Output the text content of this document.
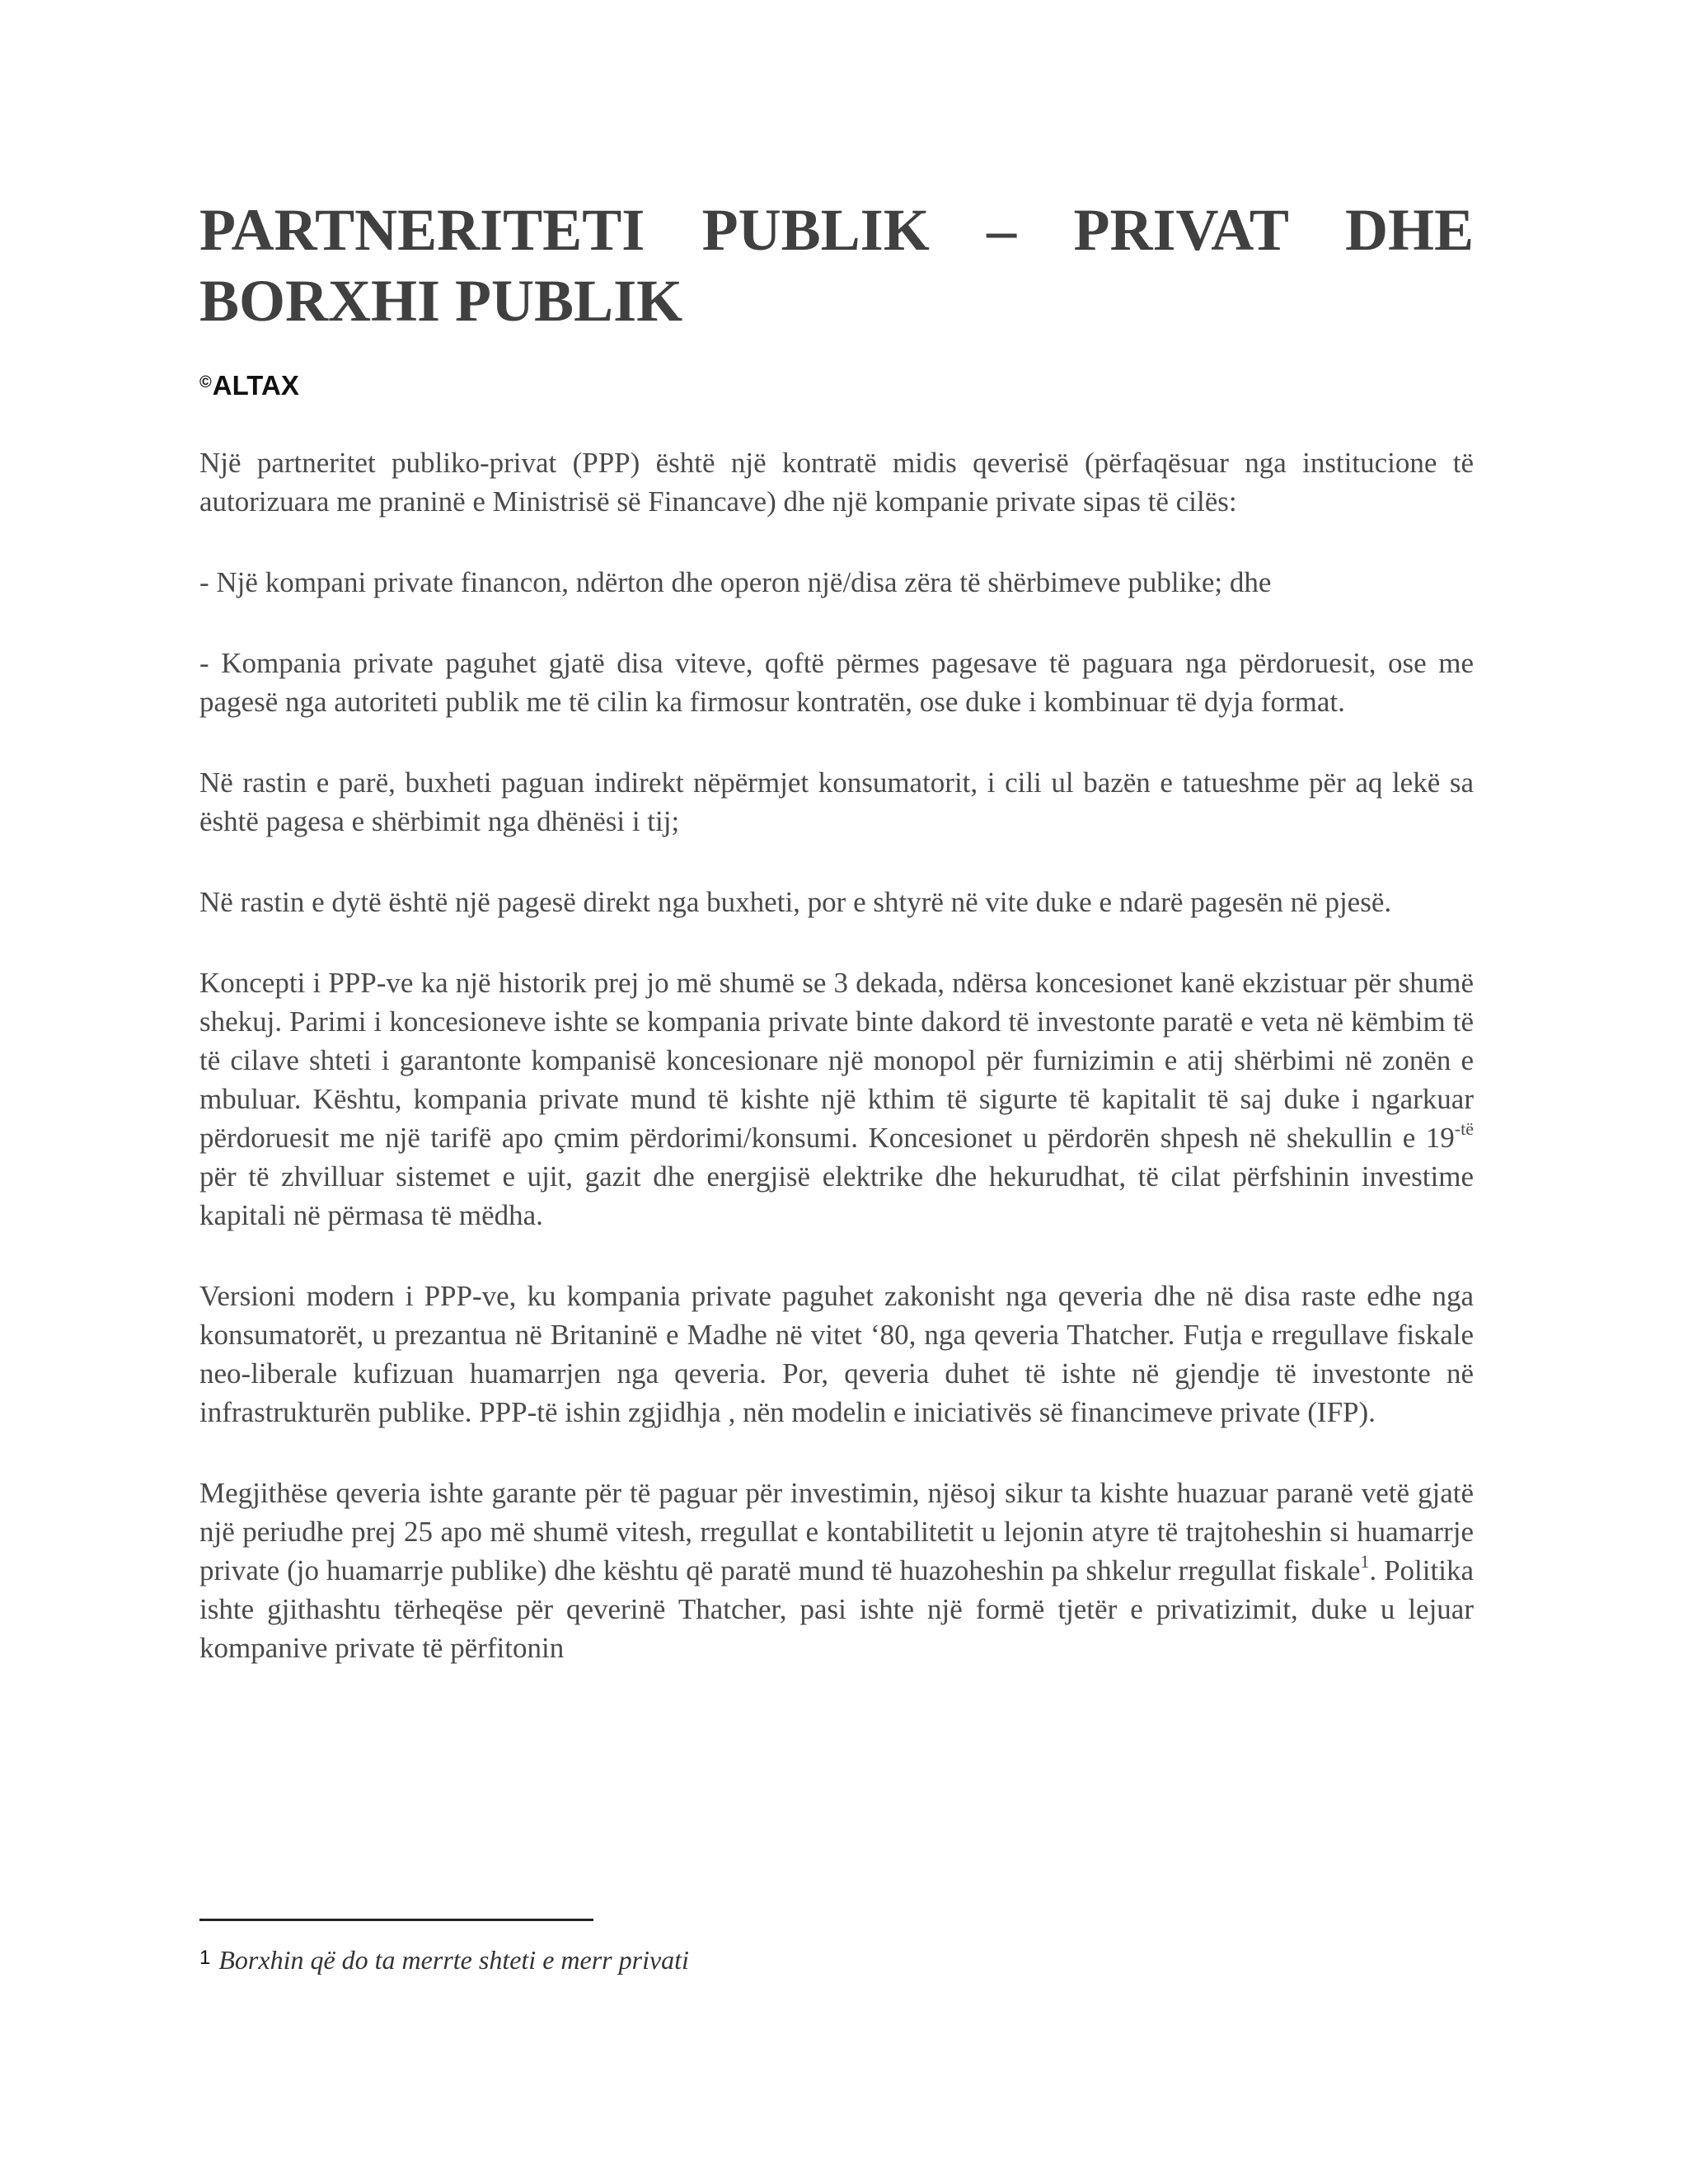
PARTNERITETI PUBLIK – PRIVAT DHE
BORXHI PUBLIK
©ALTAX

Një partneritet publiko-privat (PPP) është një kontratë midis qeverisë (përfaqësuar nga institucione të autorizuara me praninë e Ministrisë së Financave) dhe një kompanie private sipas të cilës:

- Një kompani private financon, ndërton dhe operon një/disa zëra të shërbimeve publike; dhe

- Kompania private paguhet gjatë disa viteve, qoftë përmes pagesave të paguara nga përdoruesit, ose me pagesë nga autoriteti publik me të cilin ka firmosur kontratën, ose duke i kombinuar të dyja format.

Në rastin e parë, buxheti paguan indirekt nëpërmjet konsumatorit, i cili ul bazën e tatueshme për aq lekë sa është pagesa e shërbimit nga dhënësi i tij;

Në rastin e dytë është një pagesë direkt nga buxheti, por e shtyrë në vite duke e ndarë pagesën në pjesë.

Koncepti i PPP-ve ka një historik prej jo më shumë se 3 dekada, ndërsa koncesionet kanë ekzistuar për shumë shekuj. Parimi i koncesioneve ishte se kompania private binte dakord të investonte paratë e veta në këmbim të të cilave shteti i garantonte kompanisë koncesionare një monopol për furnizimin e atij shërbimi në zonën e mbuluar. Kështu, kompania private mund të kishte një kthim të sigurte të kapitalit të saj duke i ngarkuar përdoruesit me një tarifë apo çmim përdorimi/konsumi. Koncesionet u përdorën shpesh në shekullin e $19^{-të}$ për të zhvilluar sistemet e ujit, gazit dhe energjisë elektrike dhe hekurudhat, të cilat përfshinin investime kapitali në përmasa të mëdha.

Versioni modern i PPP-ve, ku kompania private paguhet zakonisht nga qeveria dhe në disa raste edhe nga konsumatorët, u prezantua në Britaninë e Madhe në vitet ‘80, nga qeveria Thatcher. Futja e rregullave fiskale neo-liberale kufizuan huamarrjen nga qeveria. Por, qeveria duhet të ishte në gjendje të investonte në infrastrukturën publike. PPP-të ishin zgjidhja , nën modelin e iniciativës së financimeve private (IFP).

Megjithëse qeveria ishte garante për të paguar për investimin, njësoj sikur ta kishte huazuar paranë vetë gjatë një periudhe prej 25 apo më shumë vitesh, rregullat e kontabilitetit u lejonin atyre të trajtoheshin si huamarrje private (jo huamarrje publike) dhe kështu që paratë mund të huazoheshin pa shkelur rregullat fiskale$^1$. Politika ishte gjithashtu tërheqëse për qeverinë Thatcher, pasi ishte një formë tjetër e privatizimit, duke u lejuar kompanive private të përfitonin

$^1$ Borxhin që do ta merrte shteti e merr privati
